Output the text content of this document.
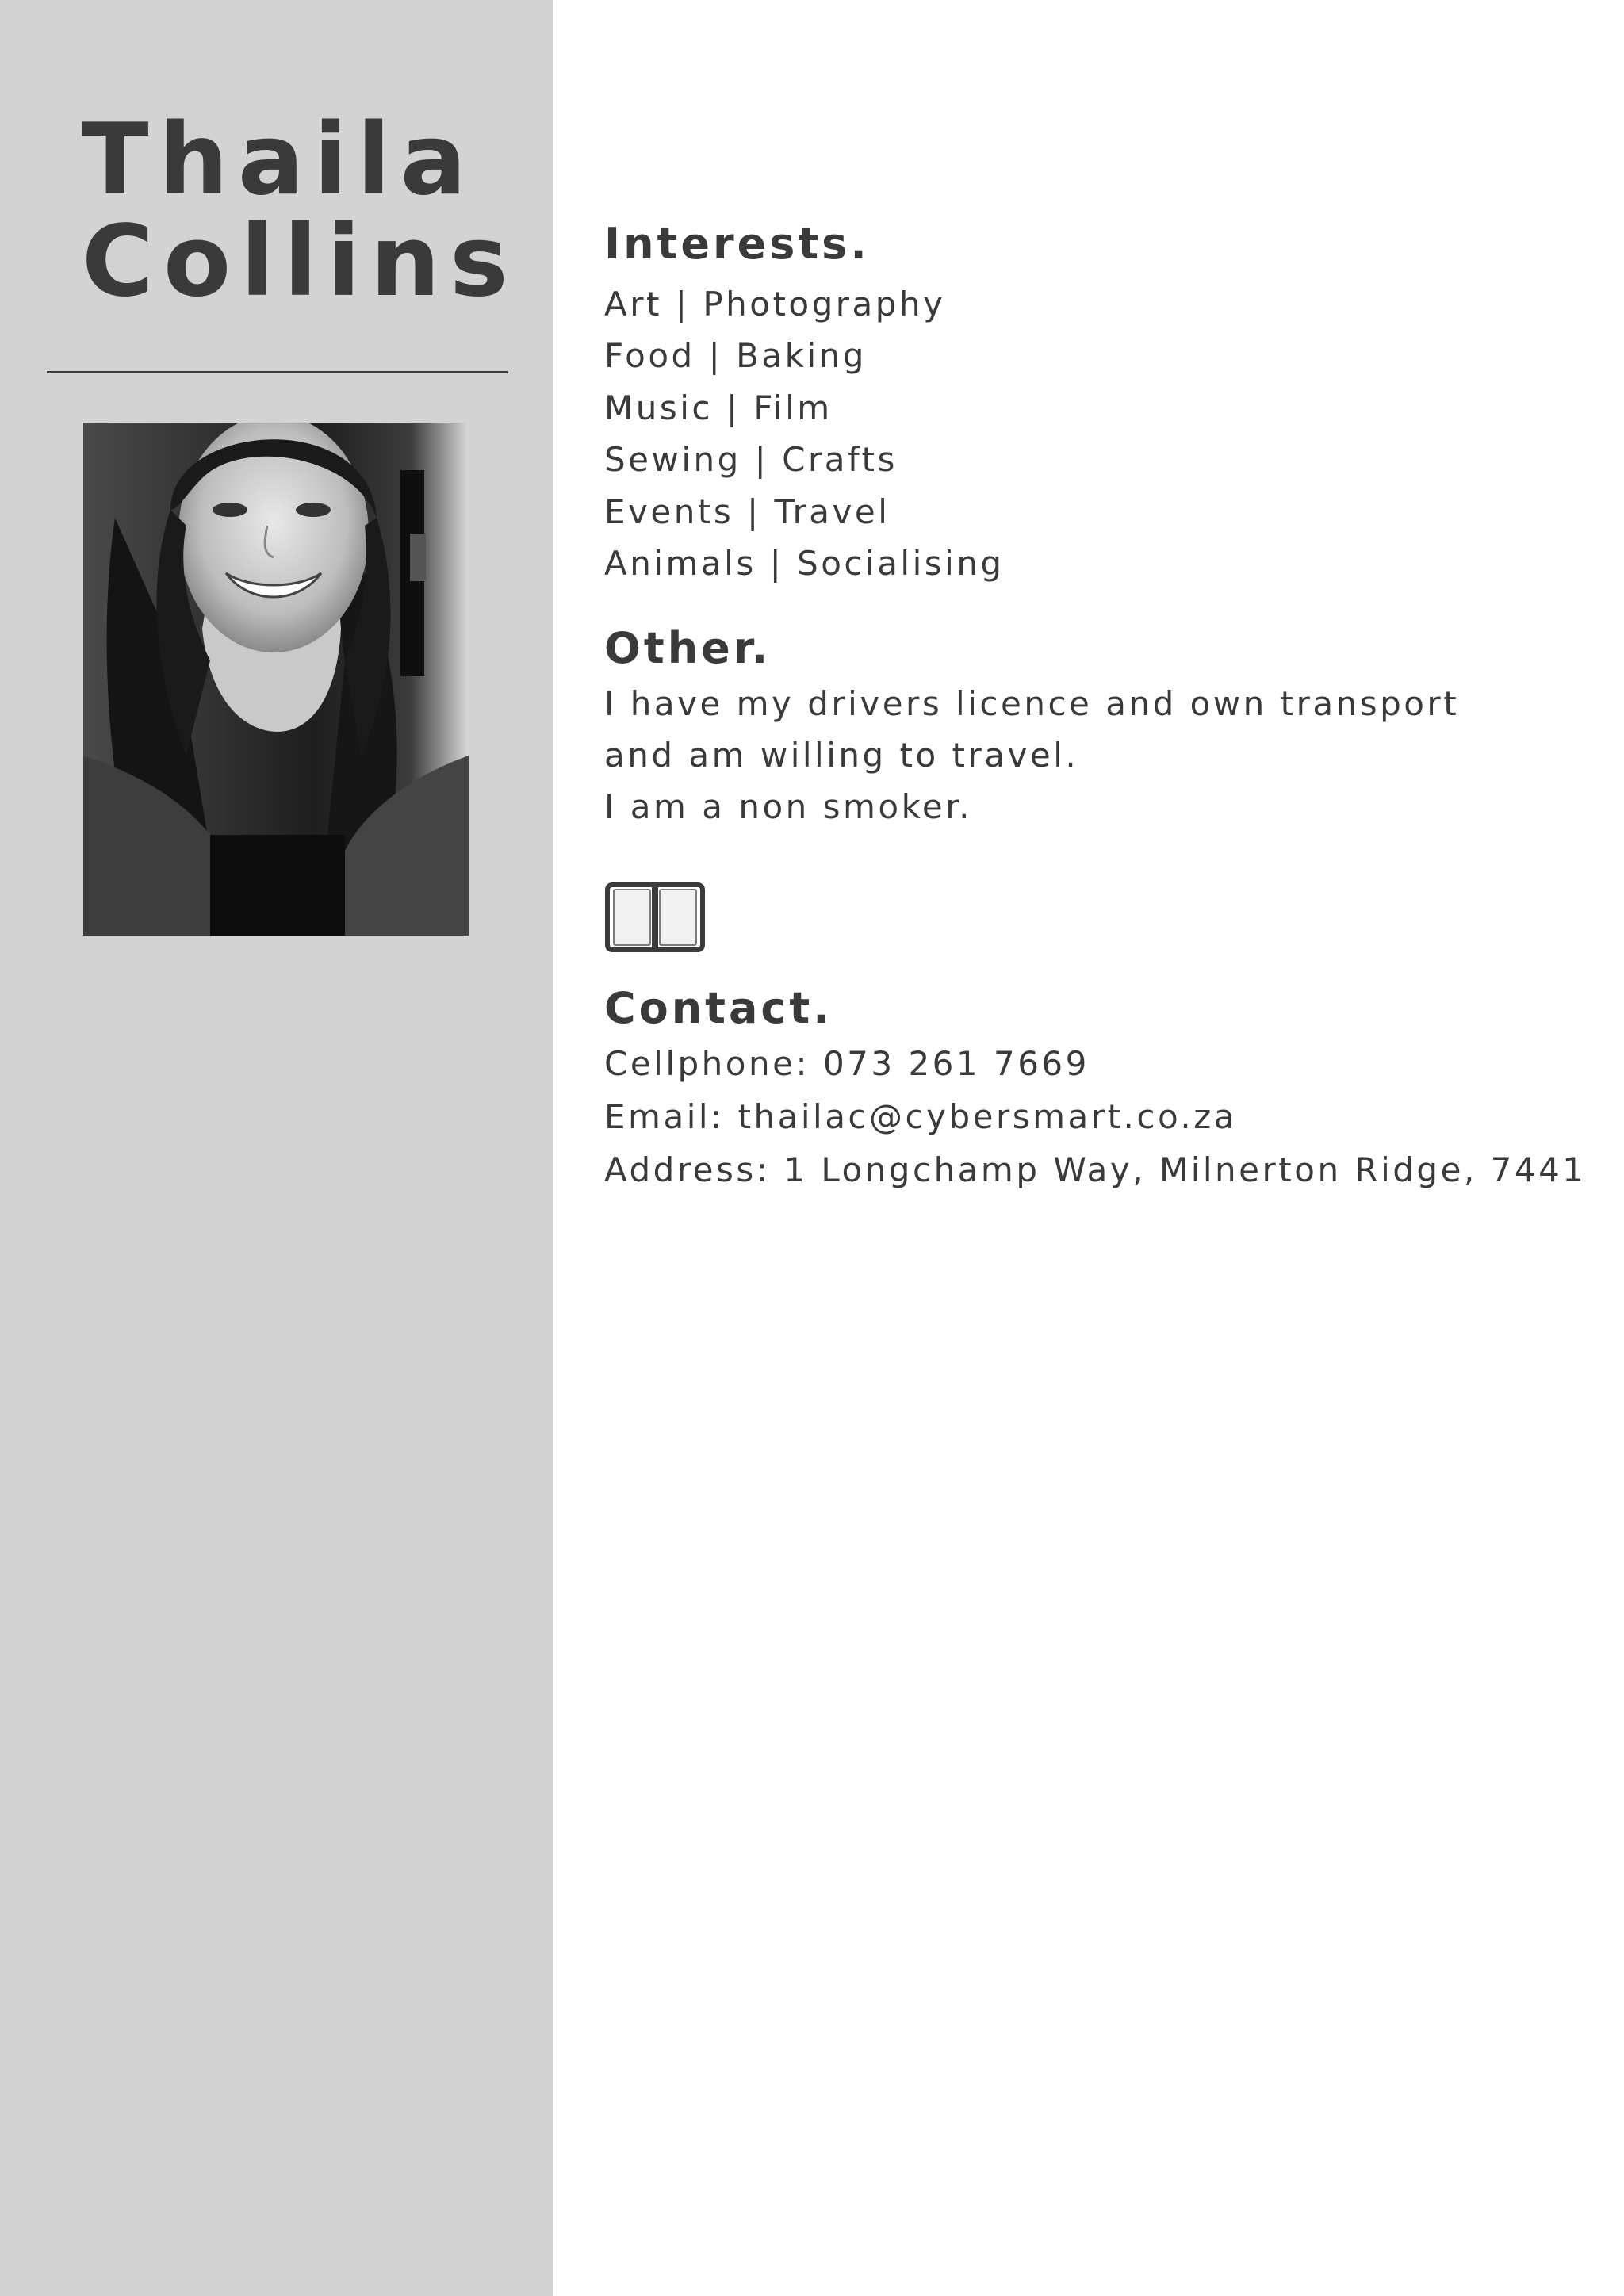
Thaila
Collins Interests.
Art | Photography
Food | Baking
Music | Film
Sewing | Crafts
Events | Travel
Animals | Socialising
Other.

I have my drivers licence and own transport and am willing to travel.

I am a non smoker.

Contact.
Cellphone: 073 261 7669
Email: thailac@cybersmart.co.za
Address: 1 Longchamp Way, Milnerton Ridge, 7441
